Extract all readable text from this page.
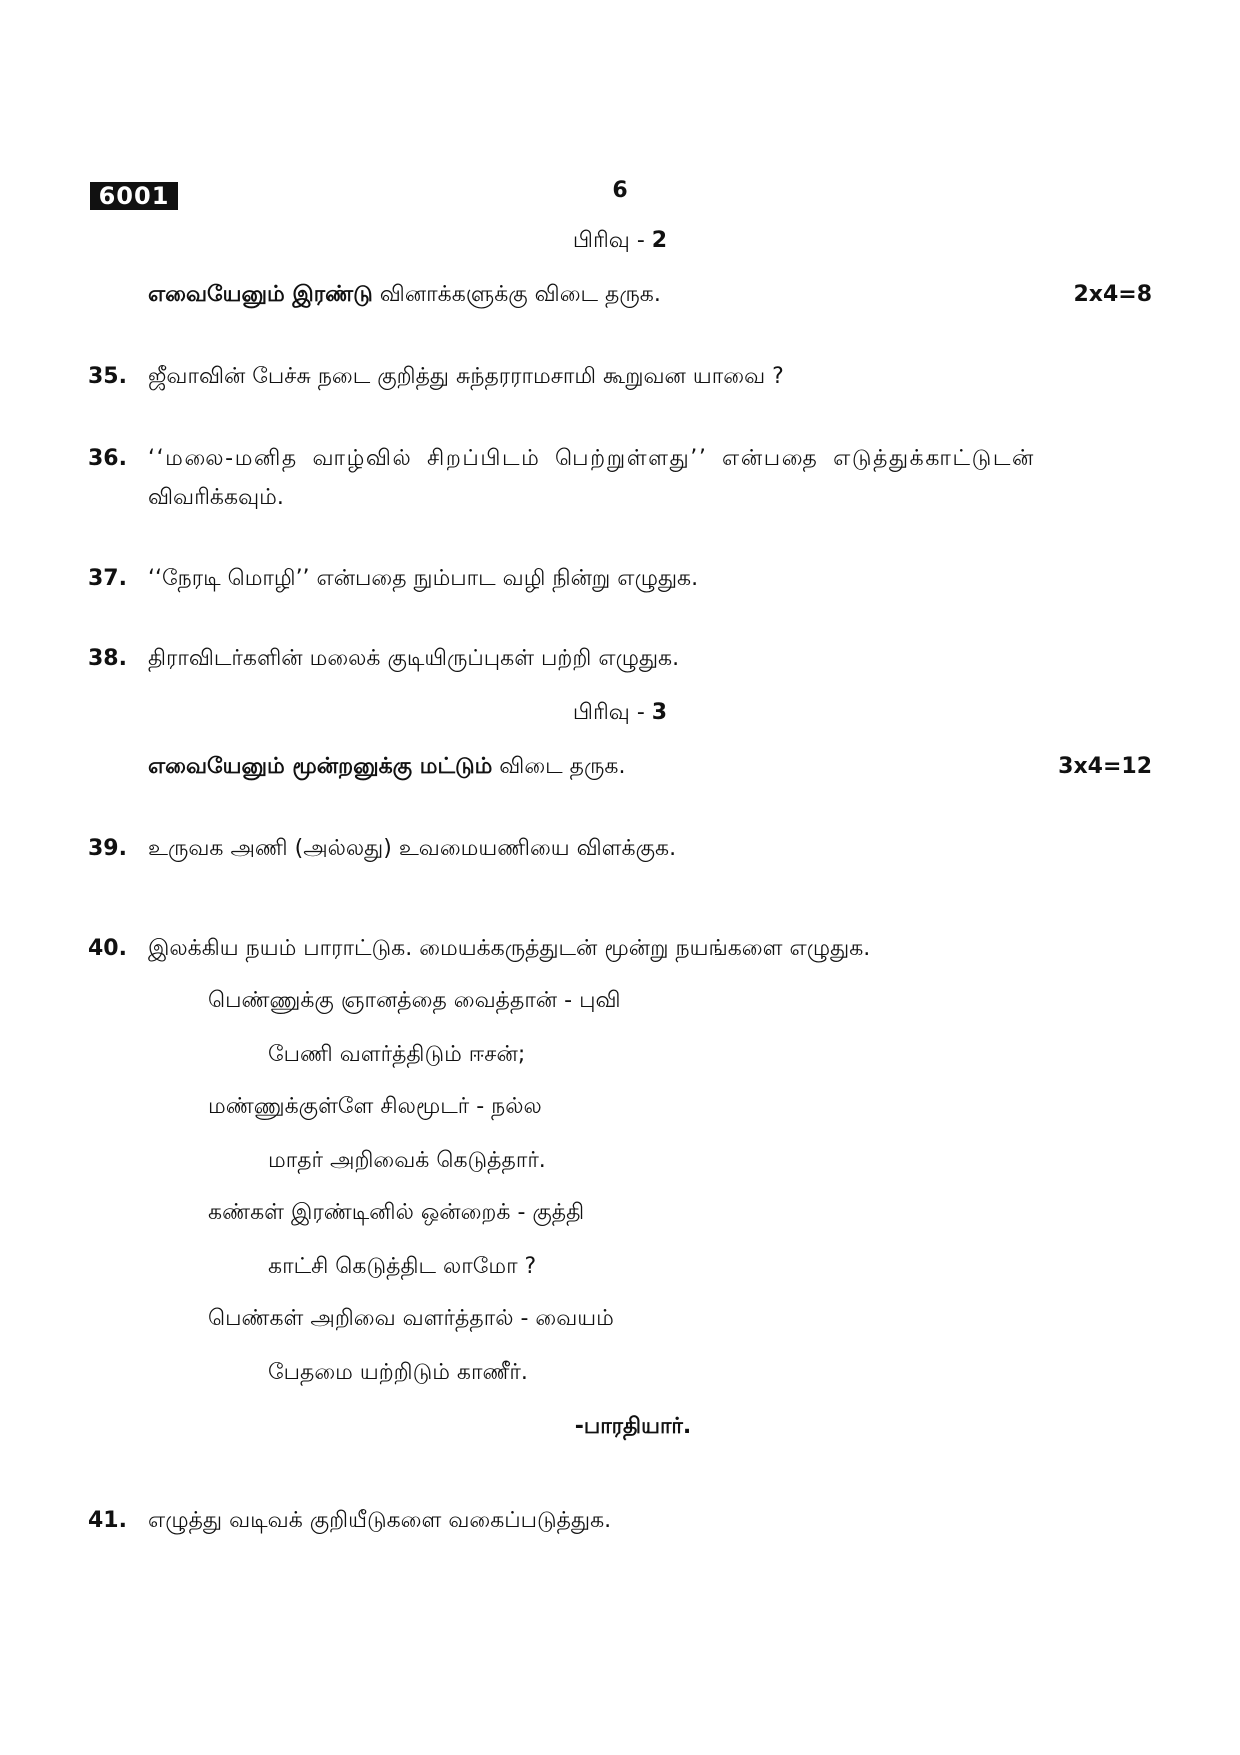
6001	6
பிரிவு - 2
எவையேனும் இரண்டு வினாக்களுக்கு விடை தருக.	2x4=8
35. ஜீவாவின் பேச்சு நடை குறித்து சுந்தரராமசாமி கூறுவன யாவை ?
36. ‘‘மலை-மனித வாழ்வில் சிறப்பிடம் பெற்றுள்ளது’’ என்பதை எடுத்துக்காட்டுடன்
விவரிக்கவும்.
37. ‘‘நேரடி மொழி’’ என்பதை நும்பாட வழி நின்று எழுதுக.
38. திராவிடர்களின் மலைக் குடியிருப்புகள் பற்றி எழுதுக.
பிரிவு - 3
எவையேனும் மூன்றனுக்கு மட்டும் விடை தருக.	3x4=12
39. உருவக அணி (அல்லது) உவமையணியை விளக்குக.
40. இலக்கிய நயம் பாராட்டுக. மையக்கருத்துடன் மூன்று நயங்களை எழுதுக.
பெண்ணுக்கு ஞானத்தை வைத்தான் - புவி
பேணி வளர்த்திடும் ஈசன்;
மண்ணுக்குள்ளே சிலமூடர் - நல்ல
மாதர் அறிவைக் கெடுத்தார்.
கண்கள் இரண்டினில் ஒன்றைக் - குத்தி
காட்சி கெடுத்திட லாமோ ?
பெண்கள் அறிவை வளர்த்தால் - வையம்
பேதமை யற்றிடும் காணீர்.
-பாரதியார்.
41. எழுத்து வடிவக் குறியீடுகளை வகைப்படுத்துக.
